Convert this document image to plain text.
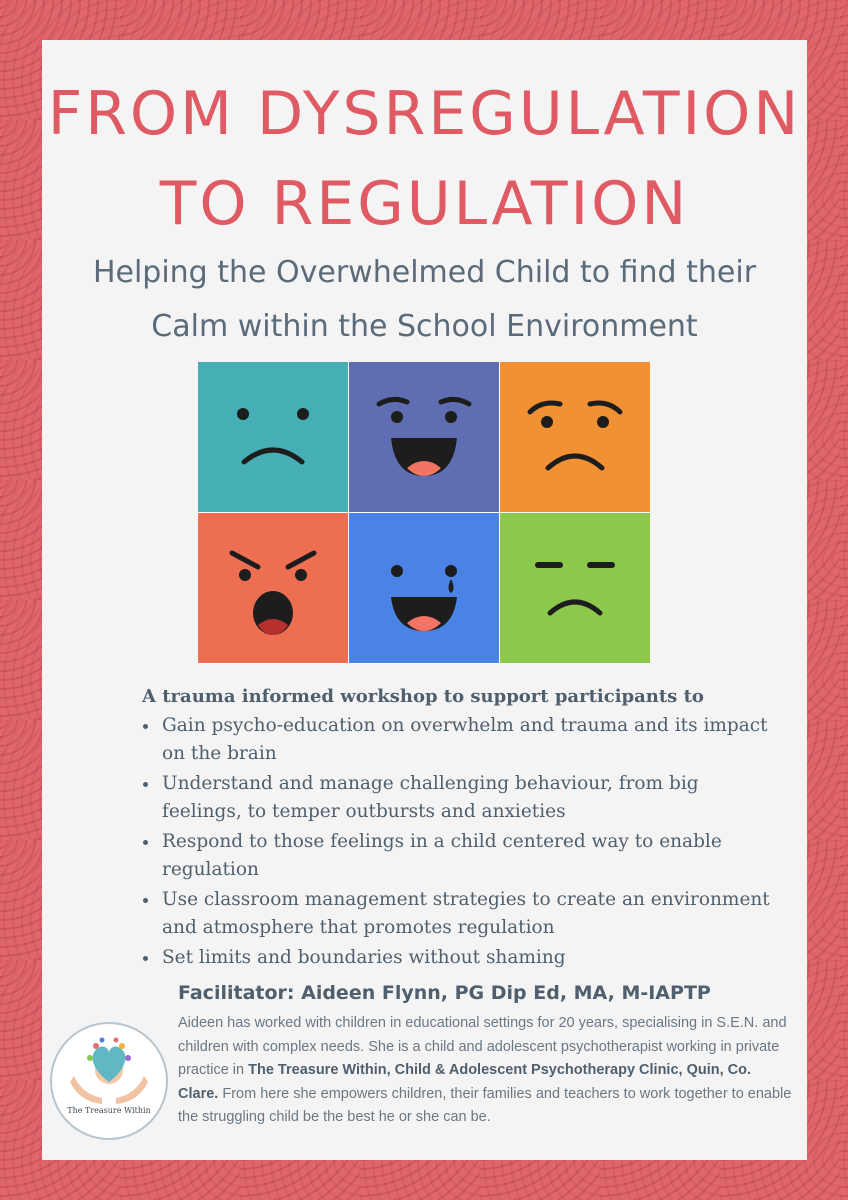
FROM DYSREGULATION
TO REGULATION
Helping the Overwhelmed Child to find their
Calm within the School Environment
A trauma informed workshop to support participants to
• Gain psycho-education on overwhelm and trauma and its impact on the brain
• Understand and manage challenging behaviour, from big feelings, to temper outbursts and anxieties
• Respond to those feelings in a child centered way to enable regulation
• Use classroom management strategies to create an environment and atmosphere that promotes regulation
• Set limits and boundaries without shaming
The Treasure Within
Facilitator: Aideen Flynn, PG Dip Ed, MA, M-IAPTP
Aideen has worked with children in educational settings for 20 years, specialising in S.E.N. and children with complex needs. She is a child and adolescent psychotherapist working in private practice in The Treasure Within, Child & Adolescent Psychotherapy Clinic, Quin, Co. Clare. From here she empowers children, their families and teachers to work together to enable the struggling child be the best he or she can be.
